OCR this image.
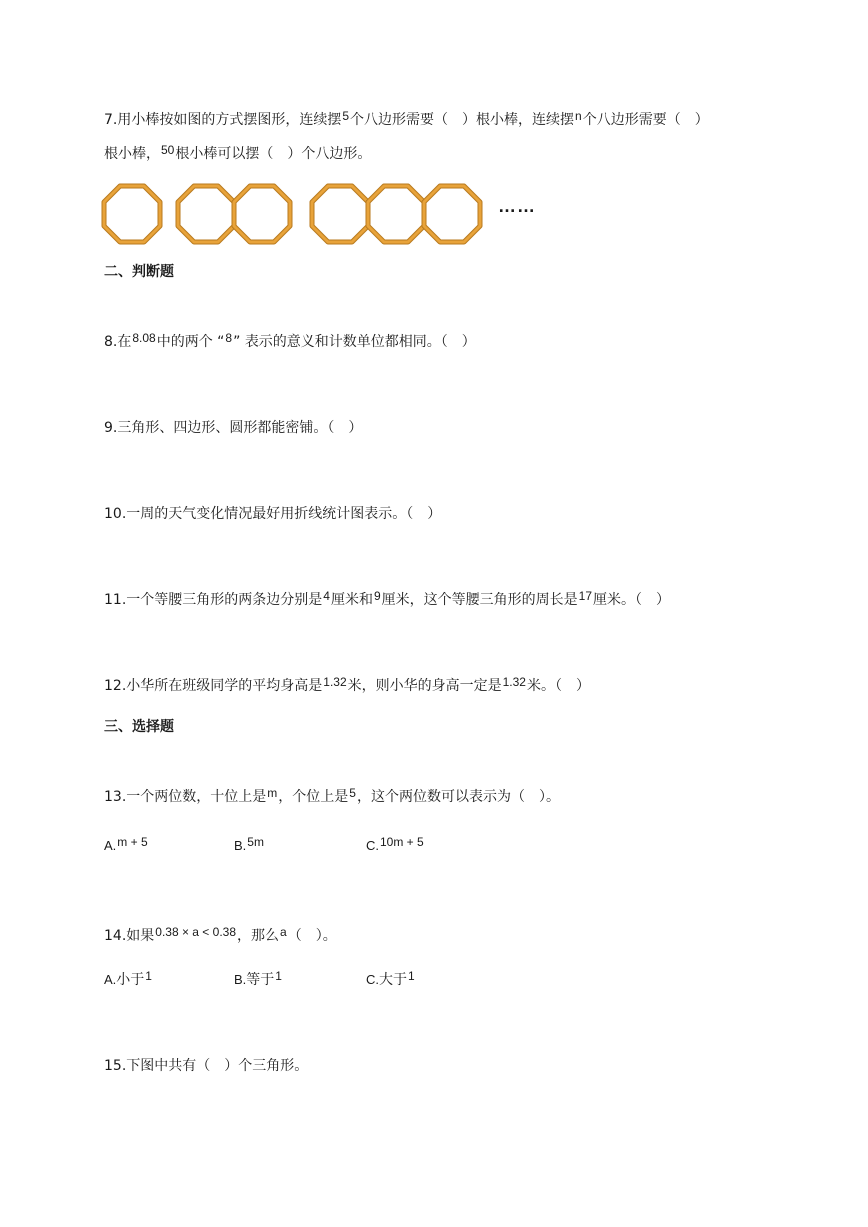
7.用小棒按如图的方式摆图形，连续摆5个八边形需要（　）根小棒，连续摆n个八边形需要（　）
根小棒，50根小棒可以摆（　）个八边形。
……
二、判断题
8.在8.08中的两个 “8” 表示的意义和计数单位都相同。（　）
9.三角形、四边形、圆形都能密铺。（　）
10.一周的天气变化情况最好用折线统计图表示。（　）
11.一个等腰三角形的两条边分别是4厘米和9厘米，这个等腰三角形的周长是17厘米。（　）
12.小华所在班级同学的平均身高是1.32米，则小华的身高一定是1.32米。（　）
三、选择题
13.一个两位数，十位上是m，个位上是5，这个两位数可以表示为（　）。
A.m + 5	B.5m	C.10m + 5
14.如果0.38 × a < 0.38，那么a（　）。
A.小于1	B.等于1	C.大于1
15.下图中共有（　）个三角形。
